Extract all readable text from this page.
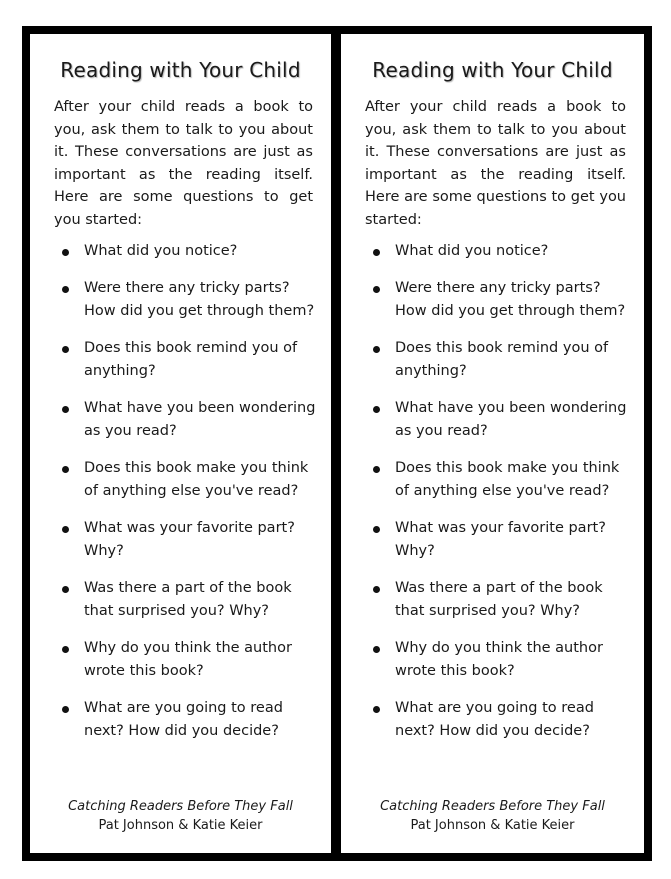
Reading with Your Child
After your child reads a book to you, ask them to talk to you about it. These conversations are just as important as the reading itself. Here are some questions to get you started:
What did you notice?
Were there any tricky parts? How did you get through them?
Does this book remind you of anything?
What have you been wondering as you read?
Does this book make you think of anything else you've read?
What was your favorite part? Why?
Was there a part of the book that surprised you? Why?
Why do you think the author wrote this book?
What are you going to read next? How did you decide?
Catching Readers Before They Fall
Pat Johnson & Katie Keier
Reading with Your Child
After your child reads a book to you, ask them to talk to you about it. These conversations are just as important as the reading itself. Here are some questions to get you started:
What did you notice?
Were there any tricky parts? How did you get through them?
Does this book remind you of anything?
What have you been wondering as you read?
Does this book make you think of anything else you've read?
What was your favorite part? Why?
Was there a part of the book that surprised you? Why?
Why do you think the author wrote this book?
What are you going to read next? How did you decide?
Catching Readers Before They Fall
Pat Johnson & Katie Keier
